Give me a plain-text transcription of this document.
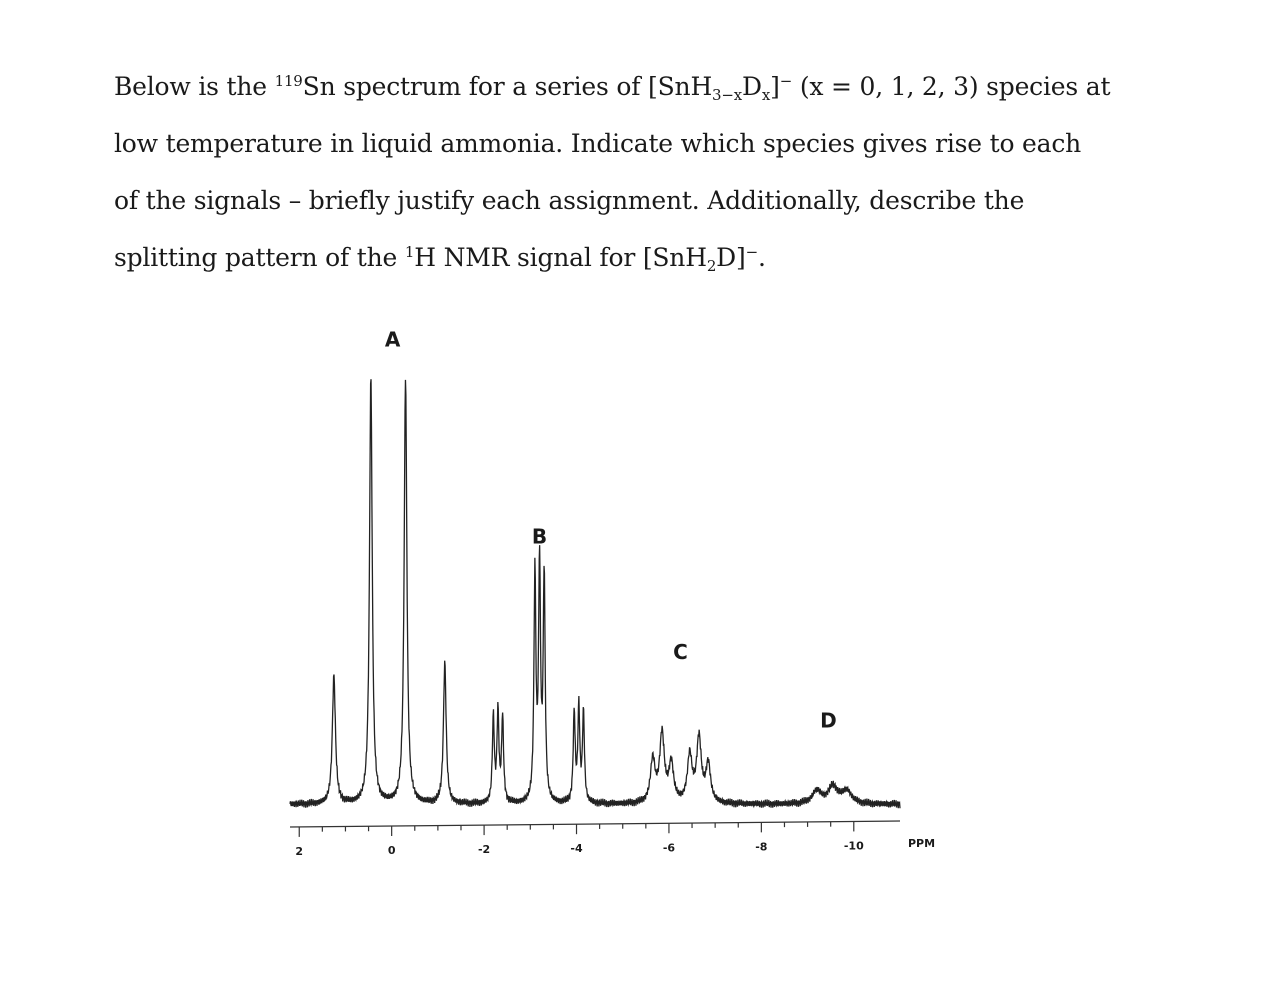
Below is the $^{119}$Sn spectrum for a series of $[SnH_{3-x}D_x]^-$ (x = 0, 1, 2, 3) species at
low temperature in liquid ammonia. Indicate which species gives rise to each
of the signals – briefly justify each assignment. Additionally, describe the
splitting pattern of the $^1$H NMR signal for [SnH$_2$D]−.
A
B
C
D
2	0	-2	-4	-6	-8	-10	PPM
